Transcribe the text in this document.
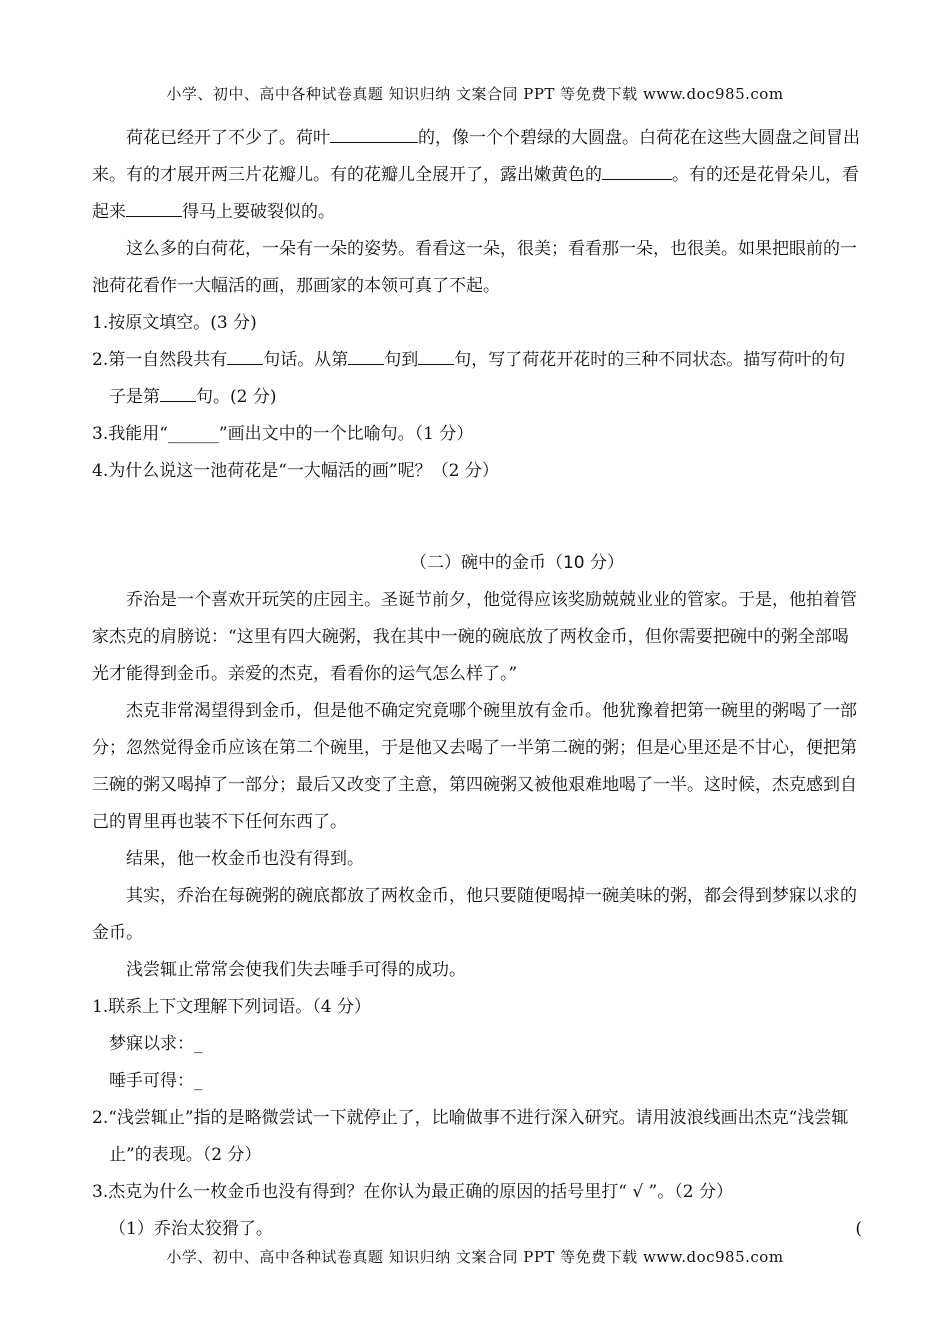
小学、初中、高中各种试卷真题 知识归纳 文案合同 PPT 等免费下载 www.doc985.com

荷花已经开了不少了。荷叶	的，像一个个碧绿的大圆盘。白荷花在这些大圆盘之间冒出来。有的才展开两三片花瓣儿。有的花瓣儿全展开了，露出嫩黄色的	。有的还是花骨朵儿，看起来	得马上要破裂似的。

这么多的白荷花，一朵有一朵的姿势。看看这一朵，很美；看看那一朵，也很美。如果把眼前的一池荷花看作一大幅活的画，那画家的本领可真了不起。

1.按原文填空。(3 分)

2.第一自然段共有 句话。从第 句到 句，写了荷花开花时的三种不同状态。描写荷叶的句子是第 句。(2 分)

3.我能用“______”画出文中的一个比喻句。（1 分）

4.为什么说这一池荷花是“一大幅活的画”呢？（2 分）

（二）碗中的金币（10 分）

乔治是一个喜欢开玩笑的庄园主。圣诞节前夕，他觉得应该奖励兢兢业业的管家。于是，他拍着管家杰克的肩膀说：“这里有四大碗粥，我在其中一碗的碗底放了两枚金币，但你需要把碗中的粥全部喝光才能得到金币。亲爱的杰克，看看你的运气怎么样了。”

杰克非常渴望得到金币，但是他不确定究竟哪个碗里放有金币。他犹豫着把第一碗里的粥喝了一部分；忽然觉得金币应该在第二个碗里，于是他又去喝了一半第二碗的粥；但是心里还是不甘心，便把第三碗的粥又喝掉了一部分；最后又改变了主意，第四碗粥又被他艰难地喝了一半。这时候，杰克感到自己的胃里再也装不下任何东西了。

结果，他一枚金币也没有得到。

其实，乔治在每碗粥的碗底都放了两枚金币，他只要随便喝掉一碗美味的粥，都会得到梦寐以求的金币。

浅尝辄止常常会使我们失去唾手可得的成功。

1.联系上下文理解下列词语。（4 分）

梦寐以求：_

唾手可得：_

2.“浅尝辄止”指的是略微尝试一下就停止了，比喻做事不进行深入研究。请用波浪线画出杰克“浅尝辄止”的表现。（2 分）

3.杰克为什么一枚金币也没有得到？在你认为最正确的原因的括号里打“ √ ”。（2 分）

（1）乔治太狡猾了。	(
小学、初中、高中各种试卷真题 知识归纳 文案合同 PPT 等免费下载 www.doc985.com
